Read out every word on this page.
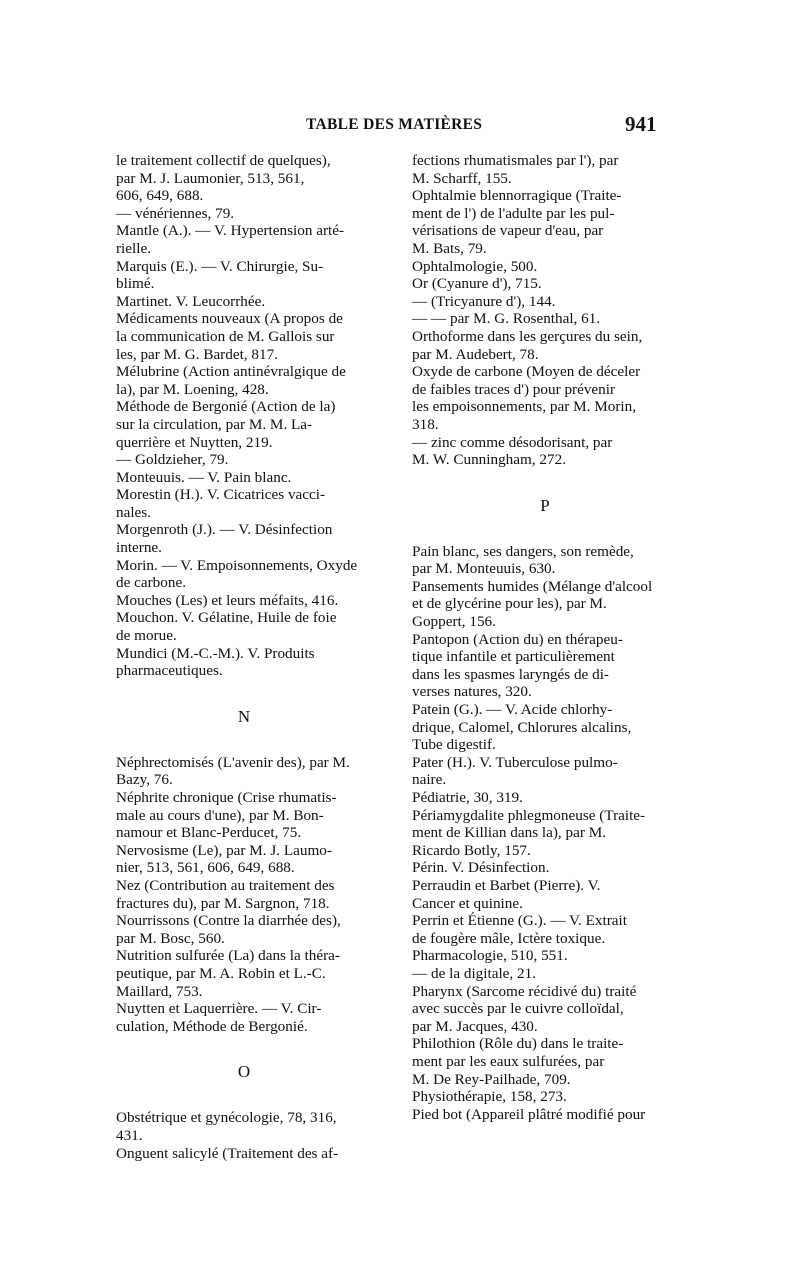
TABLE DES MATIÈRES	941
le traitement collectif de quelques),
par M. J. Laumonier, 513, 561,
606, 649, 688.
— vénériennes, 79.
Mantle (A.). — V. Hypertension arté-
rielle.
Marquis (E.). — V. Chirurgie, Su-
blimé.
Martinet. V. Leucorrhée.
Médicaments nouveaux (A propos de
la communication de M. Gallois sur
les, par M. G. Bardet, 817.
Mélubrine (Action antinévralgique de
la), par M. Loening, 428.
Méthode de Bergonié (Action de la)
sur la circulation, par M. M. La-
querrière et Nuytten, 219.
— Goldzieher, 79.
Monteuuis. — V. Pain blanc.
Morestin (H.). V. Cicatrices vacci-
nales.
Morgenroth (J.). — V. Désinfection
interne.
Morin. — V. Empoisonnements, Oxyde
de carbone.
Mouches (Les) et leurs méfaits, 416.
Mouchon. V. Gélatine, Huile de foie
de morue.
Mundici (M.-C.-M.). V. Produits
pharmaceutiques.
N
Néphrectomisés (L'avenir des), par M.
Bazy, 76.
Néphrite chronique (Crise rhumatis-
male au cours d'une), par M. Bon-
namour et Blanc-Perducet, 75.
Nervosisme (Le), par M. J. Laumo-
nier, 513, 561, 606, 649, 688.
Nez (Contribution au traitement des
fractures du), par M. Sargnon, 718.
Nourrissons (Contre la diarrhée des),
par M. Bosc, 560.
Nutrition sulfurée (La) dans la théra-
peutique, par M. A. Robin et L.-C.
Maillard, 753.
Nuytten et Laquerrière. — V. Cir-
culation, Méthode de Bergonié.
O
Obstétrique et gynécologie, 78, 316,
431.
Onguent salicylé (Traitement des af-
fections rhumatismales par l'), par
M. Scharff, 155.
Ophtalmie blennorragique (Traite-
ment de l') de l'adulte par les pul-
vérisations de vapeur d'eau, par
M. Bats, 79.
Ophtalmologie, 500.
Or (Cyanure d'), 715.
— (Tricyanure d'), 144.
— — par M. G. Rosenthal, 61.
Orthoforme dans les gerçures du sein,
par M. Audebert, 78.
Oxyde de carbone (Moyen de déceler
de faibles traces d') pour prévenir
les empoisonnements, par M. Morin,
318.
— zinc comme désodorisant, par
M. W. Cunningham, 272.
P
Pain blanc, ses dangers, son remède,
par M. Monteuuis, 630.
Pansements humides (Mélange d'alcool
et de glycérine pour les), par M.
Goppert, 156.
Pantopon (Action du) en thérapeu-
tique infantile et particulièrement
dans les spasmes laryngés de di-
verses natures, 320.
Patein (G.). — V. Acide chlorhy-
drique, Calomel, Chlorures alcalins,
Tube digestif.
Pater (H.). V. Tuberculose pulmo-
naire.
Pédiatrie, 30, 319.
Périamygdalite phlegmoneuse (Traite-
ment de Killian dans la), par M.
Ricardo Botly, 157.
Périn. V. Désinfection.
Perraudin et Barbet (Pierre). V.
Cancer et quinine.
Perrin et Étienne (G.). — V. Extrait
de fougère mâle, Ictère toxique.
Pharmacologie, 510, 551.
— de la digitale, 21.
Pharynx (Sarcome récidivé du) traité
avec succès par le cuivre colloïdal,
par M. Jacques, 430.
Philothion (Rôle du) dans le traite-
ment par les eaux sulfurées, par
M. De Rey-Pailhade, 709.
Physiothérapie, 158, 273.
Pied bot (Appareil plâtré modifié pour
